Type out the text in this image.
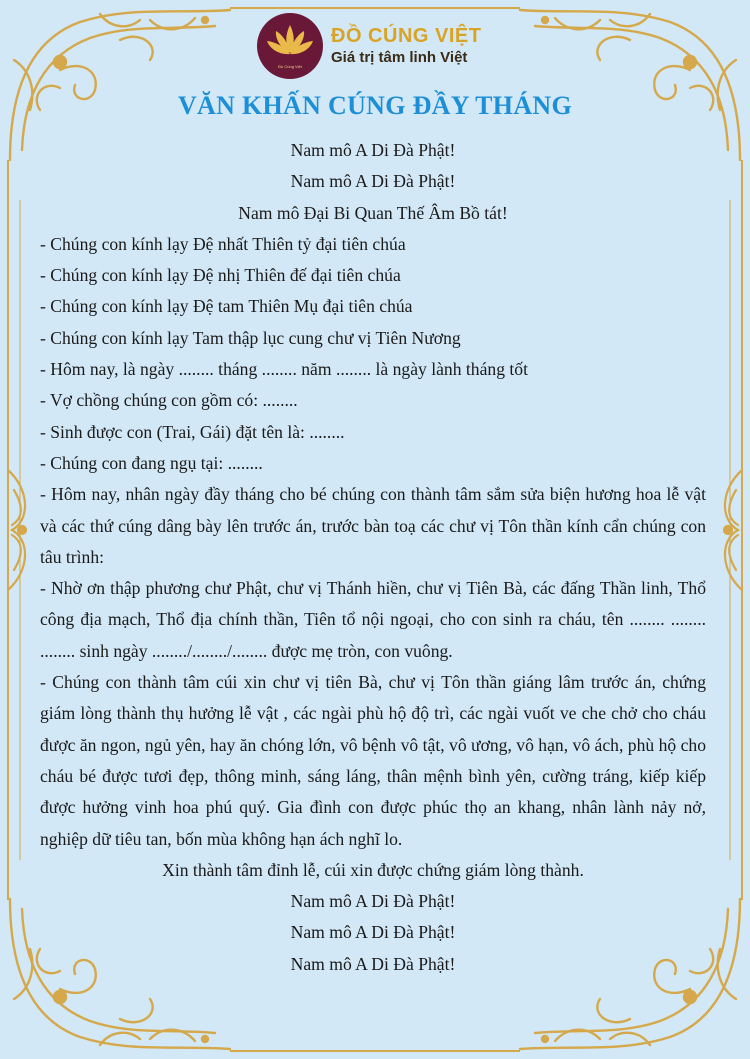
Đồ Cúng Việt
ĐỒ CÚNG VIỆT
Giá trị tâm linh Việt
VĂN KHẤN CÚNG ĐẦY THÁNG
Nam mô A Di Đà Phật!
Nam mô A Di Đà Phật!
Nam mô Đại Bi Quan Thế Âm Bồ tát!
- Chúng con kính lạy Đệ nhất Thiên tỷ đại tiên chúa
- Chúng con kính lạy Đệ nhị Thiên đế đại tiên chúa
- Chúng con kính lạy Đệ tam Thiên Mụ đại tiên chúa
- Chúng con kính lạy Tam thập lục cung chư vị Tiên Nương
- Hôm nay, là ngày ........ tháng ........ năm ........ là ngày lành tháng tốt
- Vợ chồng chúng con gồm có: ........
- Sinh được con (Trai, Gái) đặt tên là: ........
- Chúng con đang ngụ tại: ........
- Hôm nay, nhân ngày đầy tháng cho bé chúng con thành tâm sắm sửa biện hương hoa lễ vật và các thứ cúng dâng bày lên trước án, trước bàn toạ các chư vị Tôn thần kính cẩn chúng con tâu trình:
- Nhờ ơn thập phương chư Phật, chư vị Thánh hiền, chư vị Tiên Bà, các đấng Thần linh, Thổ công địa mạch, Thổ địa chính thần, Tiên tổ nội ngoại, cho con sinh ra cháu, tên ........ ........ ........ sinh ngày ......../......../........ được mẹ tròn, con vuông.
- Chúng con thành tâm cúi xin chư vị tiên Bà, chư vị Tôn thần giáng lâm trước án, chứng giám lòng thành thụ hưởng lễ vật , các ngài phù hộ độ trì, các ngài vuốt ve che chở cho cháu được ăn ngon, ngủ yên, hay ăn chóng lớn, vô bệnh vô tật, vô ương, vô hạn, vô ách, phù hộ cho cháu bé được tươi đẹp, thông minh, sáng láng, thân mệnh bình yên, cường tráng, kiếp kiếp được hưởng vinh hoa phú quý. Gia đình con được phúc thọ an khang, nhân lành nảy nở, nghiệp dữ tiêu tan, bốn mùa không hạn ách nghĩ lo.
Xin thành tâm đỉnh lễ, cúi xin được chứng giám lòng thành.
Nam mô A Di Đà Phật!
Nam mô A Di Đà Phật!
Nam mô A Di Đà Phật!
